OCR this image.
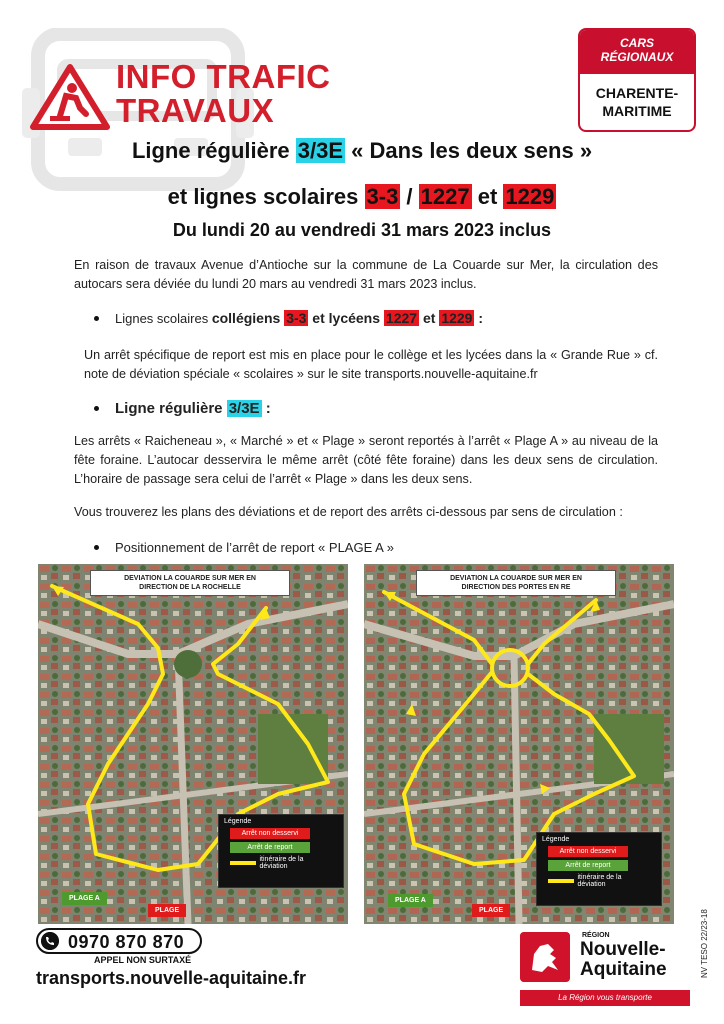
INFO TRAFIC
TRAVAUX
CARS
RÉGIONAUX
CHARENTE-
MARITIME
Ligne régulière 3/3E « Dans les deux sens »
et lignes scolaires 3-3 / 1227 et 1229
Du lundi 20 au vendredi 31 mars 2023 inclus
En raison de travaux Avenue d’Antioche sur la commune de La Couarde sur Mer, la circulation des autocars sera déviée du lundi 20 mars au vendredi 31 mars 2023 inclus.
Lignes scolaires collégiens 3-3 et lycéens 1227 et 1229 :
Un arrêt spécifique de report est mis en place pour le collège et les lycées dans la « Grande Rue » cf. note de déviation spéciale « scolaires » sur le site transports.nouvelle-aquitaine.fr
Ligne régulière 3/3E :
Les arrêts « Raicheneau », « Marché » et « Plage » seront reportés à l’arrêt « Plage A » au niveau de la fête foraine. L’autocar desservira le même arrêt (côté fête foraine) dans les deux sens de circulation. L’horaire de passage sera celui de l’arrêt « Plage » dans les deux sens.
Vous trouverez les plans des déviations et de report des arrêts ci-dessous par sens de circulation :
Positionnement de l’arrêt de report « PLAGE A »
DEVIATION LA COUARDE SUR MER EN
DIRECTION DE LA ROCHELLE
Légende
Arrêt non desservi
Arrêt de report
itinéraire de la déviation
PLAGE A
PLAGE
DEVIATION LA COUARDE SUR MER EN
DIRECTION DES PORTES EN RE
Légende
Arrêt non desservi
Arrêt de report
itinéraire de la déviation
PLAGE A
PLAGE
0970 870 870
APPEL NON SURTAXÉ
transports.nouvelle-aquitaine.fr
RÉGION
Nouvelle-
Aquitaine
La Région vous transporte
NV TESO 22/23-18
